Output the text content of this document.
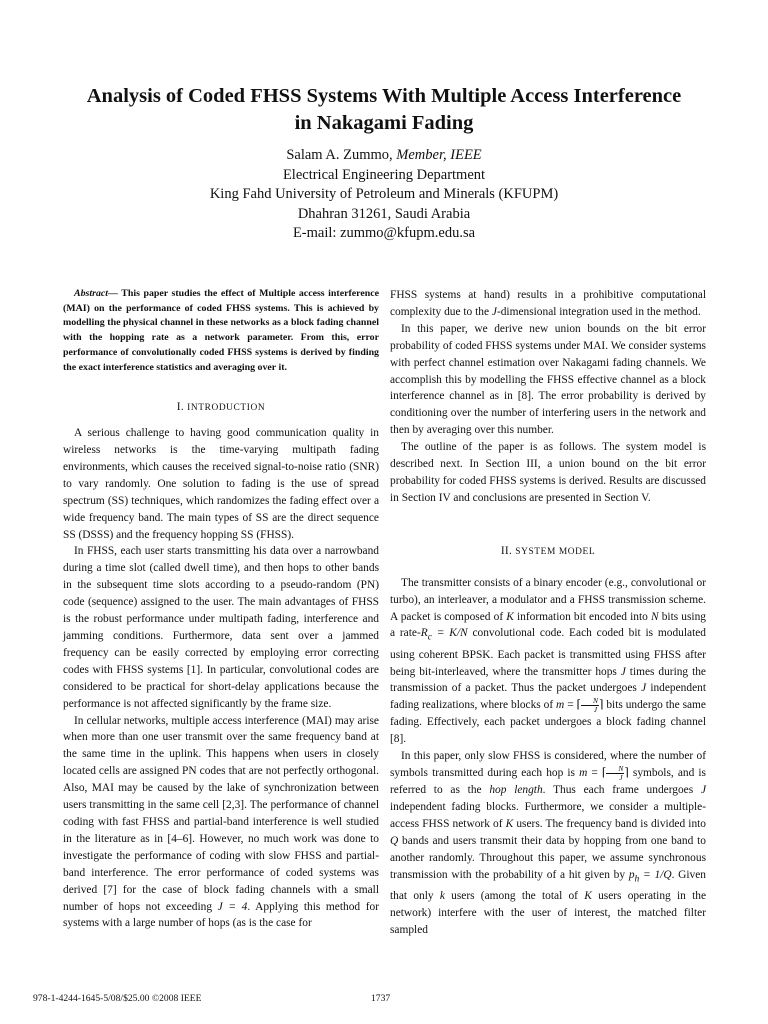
Analysis of Coded FHSS Systems With Multiple Access Interference
in Nakagami Fading
Salam A. Zummo, Member, IEEE
Electrical Engineering Department
King Fahd University of Petroleum and Minerals (KFUPM)
Dhahran 31261, Saudi Arabia
E-mail: zummo@kfupm.edu.sa

Abstract— This paper studies the effect of Multiple access interference (MAI) on the performance of coded FHSS systems. This is achieved by modelling the physical channel in these networks as a block fading channel with the hopping rate as a network parameter. From this, error performance of convolutionally coded FHSS systems is derived by finding the exact interference statistics and averaging over it.

I. INTRODUCTION

A serious challenge to having good communication quality in wireless networks is the time-varying multipath fading environments, which causes the received signal-to-noise ratio (SNR) to vary randomly. One solution to fading is the use of spread spectrum (SS) techniques, which randomizes the fading effect over a wide frequency band. The main types of SS are the direct sequence SS (DSSS) and the frequency hopping SS (FHSS).

In FHSS, each user starts transmitting his data over a narrowband during a time slot (called dwell time), and then hops to other bands in the subsequent time slots according to a pseudo-random (PN) code (sequence) assigned to the user. The main advantages of FHSS is the robust performance under multipath fading, interference and jamming conditions. Furthermore, data sent over a jammed frequency can be easily corrected by employing error correcting codes with FHSS systems [1]. In particular, convolutional codes are considered to be practical for short-delay applications because the performance is not affected significantly by the frame size.

In cellular networks, multiple access interference (MAI) may arise when more than one user transmit over the same frequency band at the same time in the uplink. This happens when users in closely located cells are assigned PN codes that are not perfectly orthogonal. Also, MAI may be caused by the lake of synchronization between users transmitting in the same cell [2,3]. The performance of channel coding with fast FHSS and partial-band interference is well studied in the literature as in [4–6]. However, no much work was done to investigate the performance of coding with slow FHSS and partial-band interference. The error performance of coded systems was derived [7] for the case of block fading channels with a small number of hops not exceeding J = 4. Applying this method for systems with a large number of hops (as is the case for

FHSS systems at hand) results in a prohibitive computational complexity due to the J-dimensional integration used in the method.

In this paper, we derive new union bounds on the bit error probability of coded FHSS systems under MAI. We consider systems with perfect channel estimation over Nakagami fading channels. We accomplish this by modelling the FHSS effective channel as a block interference channel as in [8]. The error probability is derived by conditioning over the number of interfering users in the network and then by averaging over this number.

The outline of the paper is as follows. The system model is described next. In Section III, a union bound on the bit error probability for coded FHSS systems is derived. Results are discussed in Section IV and conclusions are presented in Section V.

II. SYSTEM MODEL

The transmitter consists of a binary encoder (e.g., convolutional or turbo), an interleaver, a modulator and a FHSS transmission scheme. A packet is composed of K information bit encoded into N bits using a rate-$R_c = K/N$ convolutional code. Each coded bit is modulated using coherent BPSK. Each packet is transmitted using FHSS after being bit-interleaved, where the transmitter hops J times during the transmission of a packet. Thus the packet undergoes J independent fading realizations, where blocks of m = ⌈ $\frac{N}{J}$ ⌉ bits undergo the same fading. Effectively, each packet undergoes a block fading channel [8].

In this paper, only slow FHSS is considered, where the number of symbols transmitted during each hop is m = ⌈ $\frac{N}{J}$ ⌉ symbols, and is referred to as the hop length. Thus each frame undergoes J independent fading blocks. Furthermore, we consider a multiple-access FHSS network of K users. The frequency band is divided into Q bands and users transmit their data by hopping from one band to another randomly. Throughout this paper, we assume synchronous transmission with the probability of a hit given by $p_h = 1/Q$. Given that only k users (among the total of K users operating in the network) interfere with the user of interest, the matched filter sampled

978-1-4244-1645-5/08/$25.00 ©2008 IEEE	1737
